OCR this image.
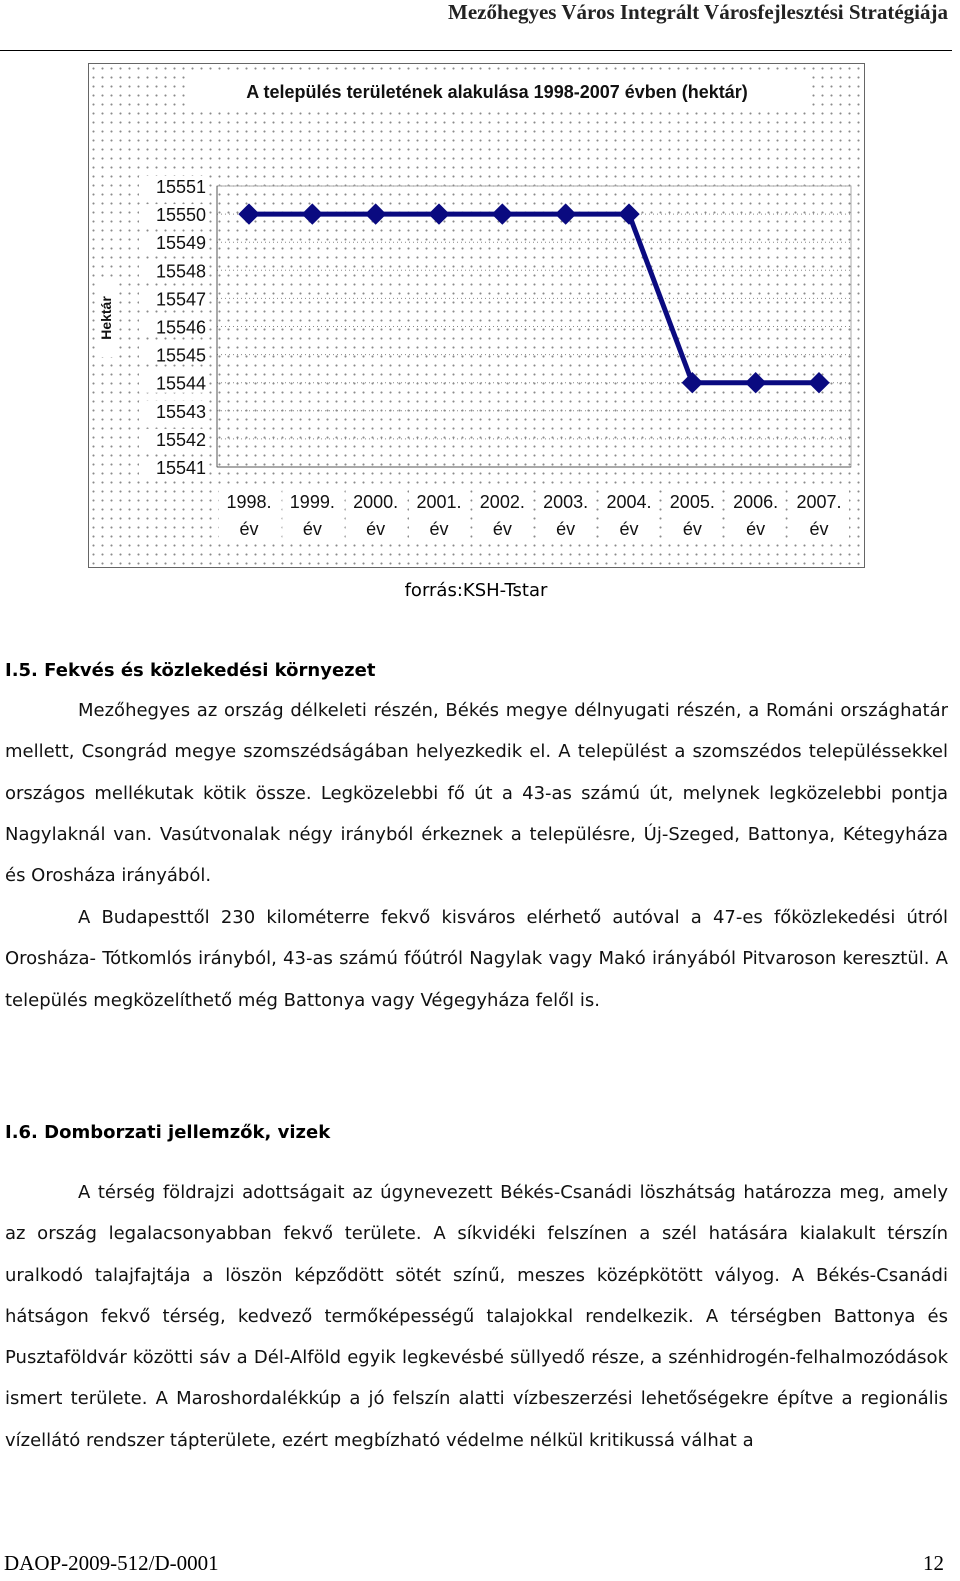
Mezőhegyes Város Integrált Városfejlesztési Stratégiája
15551
15550
15549
15548
15547
15546
15545
15544
15543
15542
15541
A település területének alakulása 1998-2007 évben (hektár)
Hektár
1998.
év
1999.
év
2000.
év
2001.
év
2002.
év
2003.
év
2004.
év
2005.
év
2006.
év
2007.
év
forrás:KSH-Tstar
I.5. Fekvés és közlekedési környezet
Mezőhegyes az ország délkeleti részén, Békés megye délnyugati részén, a Románi országhatár mellett, Csongrád megye szomszédságában helyezkedik el. A települést a szomszédos településsekkel országos mellékutak kötik össze. Legközelebbi fő út a 43-as számú út, melynek legközelebbi pontja Nagylaknál van. Vasútvonalak négy irányból érkeznek a településre, Új-Szeged, Battonya, Kétegyháza és Orosháza irányából.
A Budapesttől 230 kilométerre fekvő kisváros elérhető autóval a 47-es főközlekedési útról Orosháza- Tótkomlós irányból, 43-as számú főútról Nagylak vagy Makó irányából Pitvaroson keresztül. A település megközelíthető még Battonya vagy Végegyháza felől is.
I.6. Domborzati jellemzők, vizek
A térség földrajzi adottságait az úgynevezett Békés-Csanádi löszhátság határozza meg, amely az ország legalacsonyabban fekvő területe. A síkvidéki felszínen a szél hatására kialakult térszín uralkodó talajfajtája a löszön képződött sötét színű, meszes középkötött vályog. A Békés-Csanádi hátságon fekvő térség, kedvező termőképességű talajokkal rendelkezik. A térségben Battonya és Pusztaföldvár közötti sáv a Dél-Alföld egyik legkevésbé süllyedő része, a szénhidrogén-felhalmozódások ismert területe. A Maroshordalékkúp a jó felszín alatti vízbeszerzési lehetőségekre építve a regionális vízellátó rendszer tápterülete, ezért megbízható védelme nélkül kritikussá válhat a
DAOP-2009-512/D-0001	12
